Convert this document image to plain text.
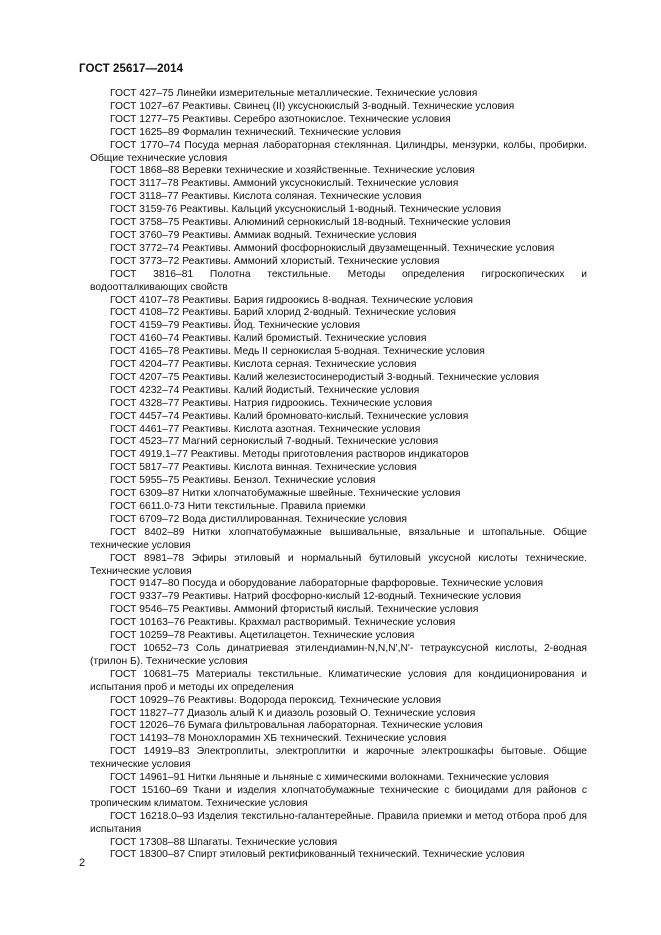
ГОСТ 25617—2014
ГОСТ 427–75 Линейки измерительные металлические. Технические условия
ГОСТ 1027–67 Реактивы. Свинец (II) уксуснокислый 3-водный. Технические условия
ГОСТ 1277–75 Реактивы. Серебро азотнокислое. Технические условия
ГОСТ 1625–89 Формалин технический. Технические условия
ГОСТ 1770–74 Посуда мерная лабораторная стеклянная. Цилиндры, мензурки, колбы, пробирки. Общие технические условия
ГОСТ 1868–88 Веревки технические и хозяйственные. Технические условия
ГОСТ 3117–78 Реактивы. Аммоний уксуснокислый. Технические условия
ГОСТ 3118–77 Реактивы. Кислота соляная. Технические условия
ГОСТ 3159-76 Реактивы. Кальций уксуснокислый 1-водный. Технические условия
ГОСТ 3758–75 Реактивы. Алюминий сернокислый 18-водный. Технические условия
ГОСТ 3760–79 Реактивы. Аммиак водный. Технические условия
ГОСТ 3772–74 Реактивы. Аммоний фосфорнокислый двузамещенный. Технические условия
ГОСТ 3773–72 Реактивы. Аммоний хлористый. Технические условия
ГОСТ 3816–81 Полотна текстильные. Методы определения гигроскопических и водоотталкивающих свойств
ГОСТ 4107–78 Реактивы. Бария гидроокись 8-водная. Технические условия
ГОСТ 4108–72 Реактивы. Барий хлорид 2-водный. Технические условия
ГОСТ 4159–79 Реактивы. Йод. Технические условия
ГОСТ 4160–74 Реактивы. Калий бромистый. Технические условия
ГОСТ 4165–78 Реактивы. Медь II сернокислая 5-водная. Технические условия
ГОСТ 4204–77 Реактивы. Кислота серная. Технические условия
ГОСТ 4207–75 Реактивы. Калий железистосинеродистый 3-водный. Технические условия
ГОСТ 4232–74 Реактивы. Калий йодистый. Технические условия
ГОСТ 4328–77 Реактивы. Натрия гидроокись. Технические условия
ГОСТ 4457–74 Реактивы. Калий бромновато-кислый. Технические условия
ГОСТ 4461–77 Реактивы. Кислота азотная. Технические условия
ГОСТ 4523–77 Магний сернокислый 7-водный. Технические условия
ГОСТ 4919.1–77 Реактивы. Методы приготовления растворов индикаторов
ГОСТ 5817–77 Реактивы. Кислота винная. Технические условия
ГОСТ 5955–75 Реактивы. Бензол. Технические условия
ГОСТ 6309–87 Нитки хлопчатобумажные швейные. Технические условия
ГОСТ 6611.0-73 Нити текстильные. Правила приемки
ГОСТ 6709–72 Вода дистиллированная. Технические условия
ГОСТ 8402–89 Нитки хлопчатобумажные вышивальные, вязальные и штопальные. Общие технические условия
ГОСТ 8981–78 Эфиры этиловый и нормальный бутиловый уксусной кислоты технические. Технические условия
ГОСТ 9147–80 Посуда и оборудование лабораторные фарфоровые. Технические условия
ГОСТ 9337–79 Реактивы. Натрий фосфорно-кислый 12-водный. Технические условия
ГОСТ 9546–75 Реактивы. Аммоний фтористый кислый. Технические условия
ГОСТ 10163–76 Реактивы. Крахмал растворимый. Технические условия
ГОСТ 10259–78 Реактивы. Ацетилацетон. Технические условия
ГОСТ 10652–73 Соль динатриевая этилендиамин-N,N,N',N'- тетрауксусной кислоты, 2-водная (трилон Б). Технические условия
ГОСТ 10681–75 Материалы текстильные. Климатические условия для кондиционирования и испытания проб и методы их определения
ГОСТ 10929–76 Реактивы. Водорода пероксид. Технические условия
ГОСТ 11827–77 Диазоль алый К и диазоль розовый О. Технические условия
ГОСТ 12026–76 Бумага фильтровальная лабораторная. Технические условия
ГОСТ 14193–78 Монохлорамин ХБ технический. Технические условия
ГОСТ 14919–83 Электроплиты, электроплитки и жарочные электрошкафы бытовые. Общие технические условия
ГОСТ 14961–91 Нитки льняные и льняные с химическими волокнами. Технические условия
ГОСТ 15160–69 Ткани и изделия хлопчатобумажные технические с биоцидами для районов с тропическим климатом. Технические условия
ГОСТ 16218.0–93 Изделия текстильно-галантерейные. Правила приемки и метод отбора проб для испытания
ГОСТ 17308–88 Шпагаты. Технические условия
ГОСТ 18300–87 Спирт этиловый ректификованный технический. Технические условия
2
